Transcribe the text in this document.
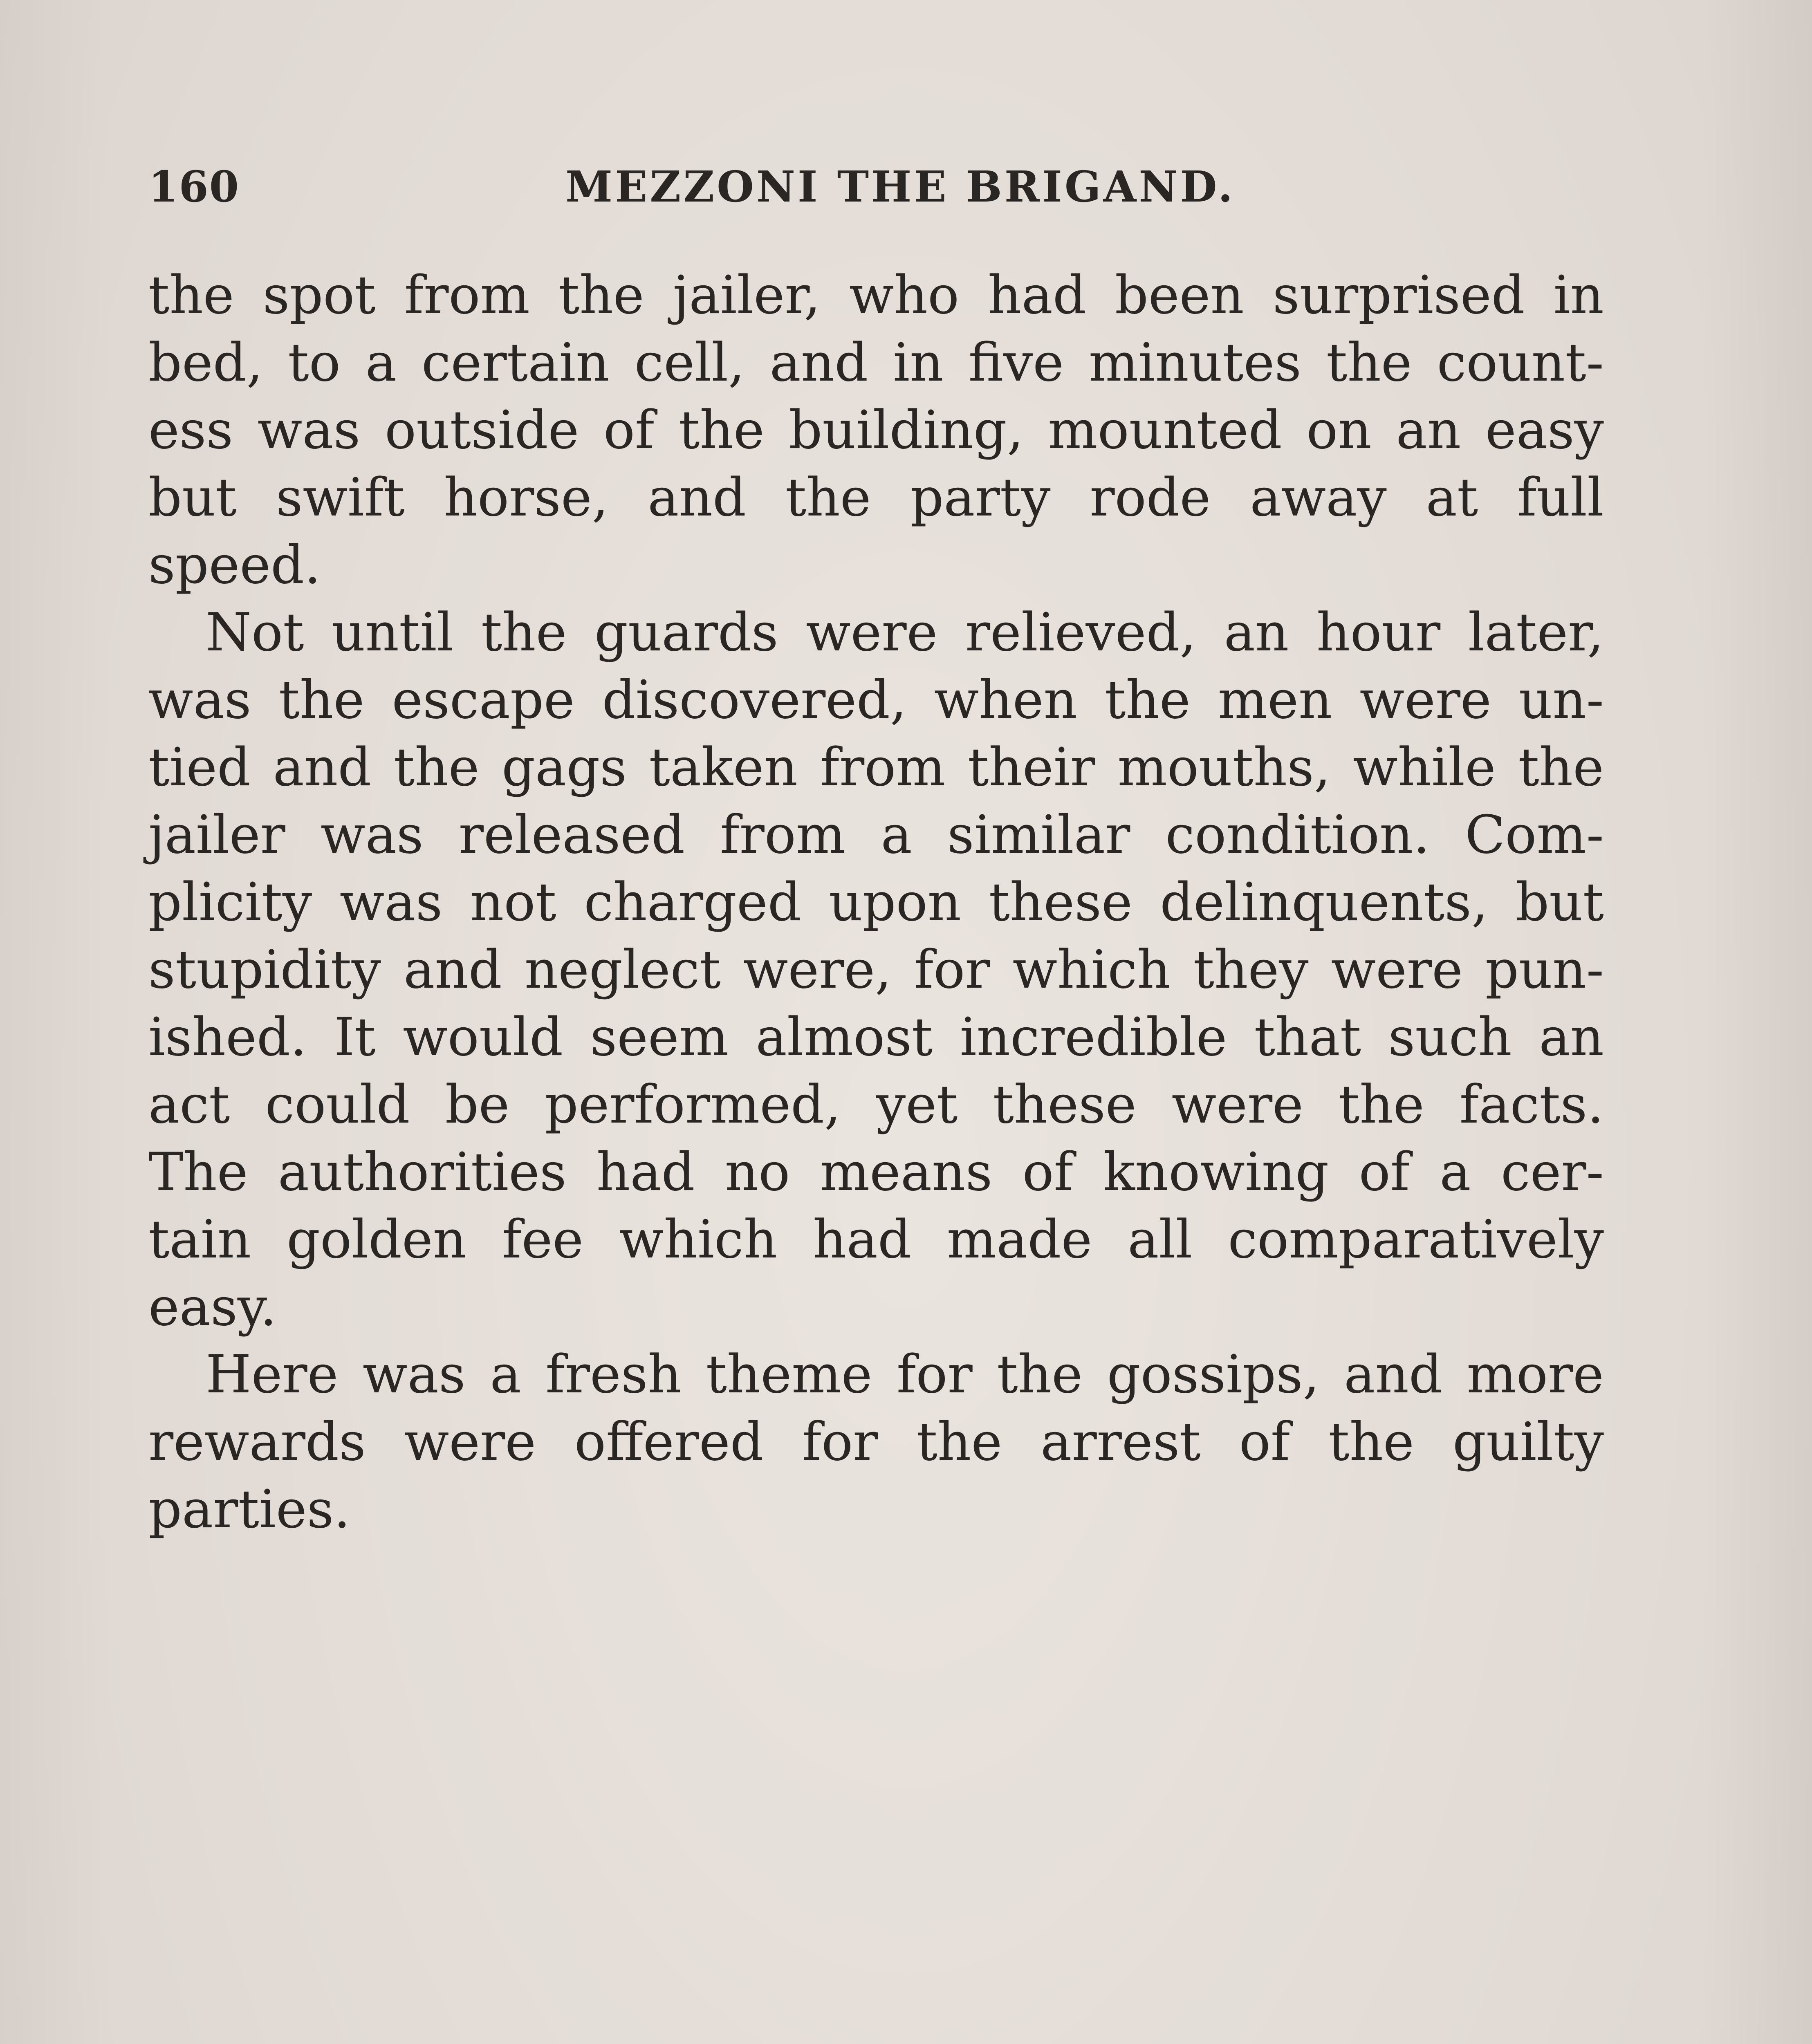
160	MEZZONI THE BRIGAND.
the spot from the jailer, who had been surprised in
bed, to a certain cell, and in five minutes the count-
ess was outside of the building, mounted on an easy
but swift horse, and the party rode away at full
speed.
Not until the guards were relieved, an hour later,
was the escape discovered, when the men were un-
tied and the gags taken from their mouths, while the
jailer was released from a similar condition. Com-
plicity was not charged upon these delinquents, but
stupidity and neglect were, for which they were pun-
ished. It would seem almost incredible that such an
act could be performed, yet these were the facts.
The authorities had no means of knowing of a cer-
tain golden fee which had made all comparatively
easy.
Here was a fresh theme for the gossips, and more
rewards were offered for the arrest of the guilty
parties.
